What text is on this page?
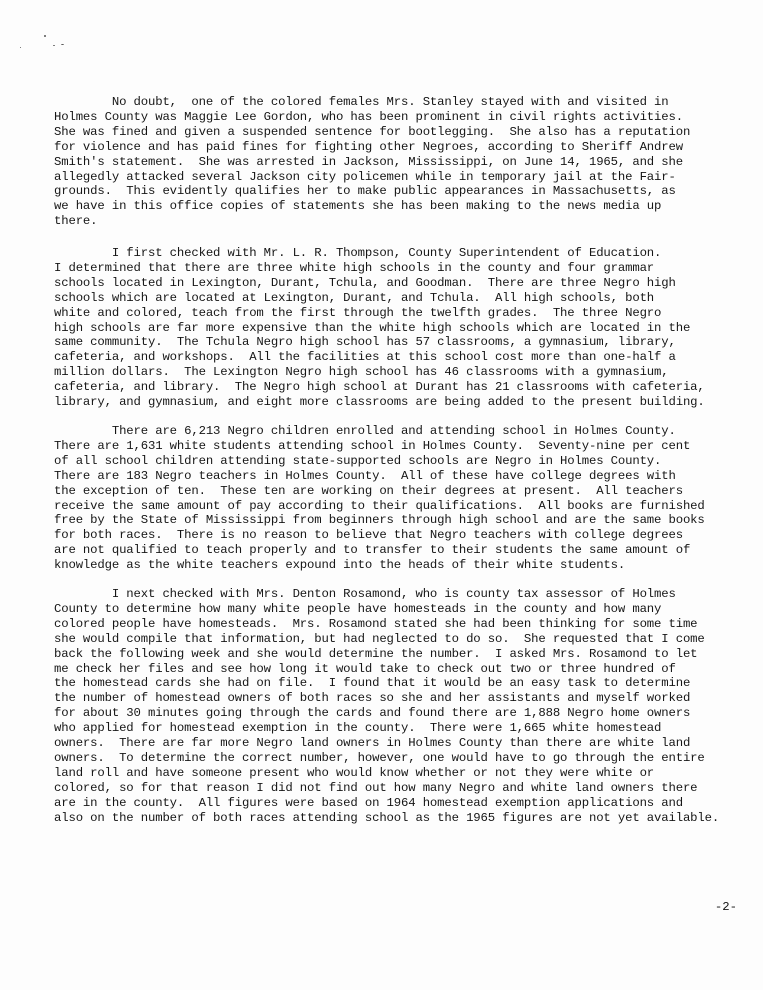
No doubt,  one of the colored females Mrs. Stanley stayed with and visited in
Holmes County was Maggie Lee Gordon, who has been prominent in civil rights activities.
She was fined and given a suspended sentence for bootlegging.  She also has a reputation
for violence and has paid fines for fighting other Negroes, according to Sheriff Andrew
Smith's statement.  She was arrested in Jackson, Mississippi, on June 14, 1965, and she
allegedly attacked several Jackson city policemen while in temporary jail at the Fair-
grounds.  This evidently qualifies her to make public appearances in Massachusetts, as
we have in this office copies of statements she has been making to the news media up
there.
I first checked with Mr. L. R. Thompson, County Superintendent of Education.
I determined that there are three white high schools in the county and four grammar
schools located in Lexington, Durant, Tchula, and Goodman.  There are three Negro high
schools which are located at Lexington, Durant, and Tchula.  All high schools, both
white and colored, teach from the first through the twelfth grades.  The three Negro
high schools are far more expensive than the white high schools which are located in the
same community.  The Tchula Negro high school has 57 classrooms, a gymnasium, library,
cafeteria, and workshops.  All the facilities at this school cost more than one-half a
million dollars.  The Lexington Negro high school has 46 classrooms with a gymnasium,
cafeteria, and library.  The Negro high school at Durant has 21 classrooms with cafeteria,
library, and gymnasium, and eight more classrooms are being added to the present building.
There are 6,213 Negro children enrolled and attending school in Holmes County.
There are 1,631 white students attending school in Holmes County.  Seventy-nine per cent
of all school children attending state-supported schools are Negro in Holmes County.
There are 183 Negro teachers in Holmes County.  All of these have college degrees with
the exception of ten.  These ten are working on their degrees at present.  All teachers
receive the same amount of pay according to their qualifications.  All books are furnished
free by the State of Mississippi from beginners through high school and are the same books
for both races.  There is no reason to believe that Negro teachers with college degrees
are not qualified to teach properly and to transfer to their students the same amount of
knowledge as the white teachers expound into the heads of their white students.
I next checked with Mrs. Denton Rosamond, who is county tax assessor of Holmes
County to determine how many white people have homesteads in the county and how many
colored people have homesteads.  Mrs. Rosamond stated she had been thinking for some time
she would compile that information, but had neglected to do so.  She requested that I come
back the following week and she would determine the number.  I asked Mrs. Rosamond to let
me check her files and see how long it would take to check out two or three hundred of
the homestead cards she had on file.  I found that it would be an easy task to determine
the number of homestead owners of both races so she and her assistants and myself worked
for about 30 minutes going through the cards and found there are 1,888 Negro home owners
who applied for homestead exemption in the county.  There were 1,665 white homestead
owners.  There are far more Negro land owners in Holmes County than there are white land
owners.  To determine the correct number, however, one would have to go through the entire
land roll and have someone present who would know whether or not they were white or
colored, so for that reason I did not find out how many Negro and white land owners there
are in the county.  All figures were based on 1964 homestead exemption applications and
also on the number of both races attending school as the 1965 figures are not yet available.
-2-
